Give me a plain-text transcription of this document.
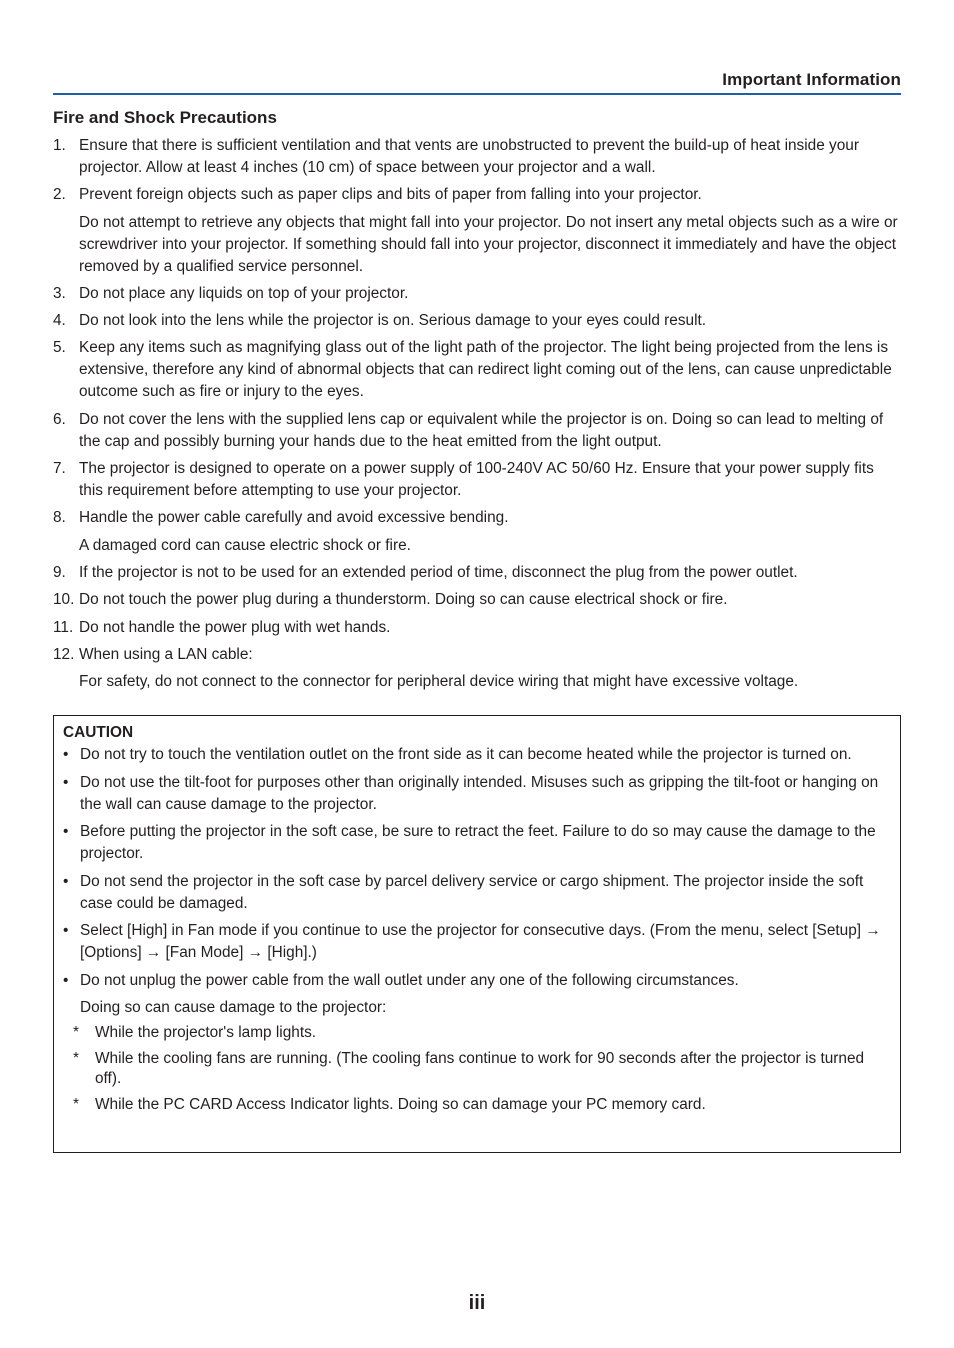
Important Information
Fire and Shock Precautions
1. Ensure that there is sufficient ventilation and that vents are unobstructed to prevent the build-up of heat inside your projector. Allow at least 4 inches (10 cm) of space between your projector and a wall.
2. Prevent foreign objects such as paper clips and bits of paper from falling into your projector.
Do not attempt to retrieve any objects that might fall into your projector. Do not insert any metal objects such as a wire or screwdriver into your projector. If something should fall into your projector, disconnect it immediately and have the object removed by a qualified service personnel.
3. Do not place any liquids on top of your projector.
4. Do not look into the lens while the projector is on. Serious damage to your eyes could result.
5. Keep any items such as magnifying glass out of the light path of the projector. The light being projected from the lens is extensive, therefore any kind of abnormal objects that can redirect light coming out of the lens, can cause unpredictable outcome such as fire or injury to the eyes.
6. Do not cover the lens with the supplied lens cap or equivalent while the projector is on. Doing so can lead to melting of the cap and possibly burning your hands due to the heat emitted from the light output.
7. The projector is designed to operate on a power supply of 100-240V AC 50/60 Hz. Ensure that your power supply fits this requirement before attempting to use your projector.
8. Handle the power cable carefully and avoid excessive bending.
A damaged cord can cause electric shock or fire.
9. If the projector is not to be used for an extended period of time, disconnect the plug from the power outlet.
10. Do not touch the power plug during a thunderstorm. Doing so can cause electrical shock or fire.
11. Do not handle the power plug with wet hands.
12. When using a LAN cable:
For safety, do not connect to the connector for peripheral device wiring that might have excessive voltage.
CAUTION
• Do not try to touch the ventilation outlet on the front side as it can become heated while the projector is turned on.
• Do not use the tilt-foot for purposes other than originally intended. Misuses such as gripping the tilt-foot or hanging on the wall can cause damage to the projector.
• Before putting the projector in the soft case, be sure to retract the feet. Failure to do so may cause the damage to the projector.
• Do not send the projector in the soft case by parcel delivery service or cargo shipment. The projector inside the soft case could be damaged.
• Select [High] in Fan mode if you continue to use the projector for consecutive days. (From the menu, select [Setup] → [Options] → [Fan Mode] → [High].)
• Do not unplug the power cable from the wall outlet under any one of the following circumstances.
Doing so can cause damage to the projector:
* While the projector's lamp lights.
* While the cooling fans are running. (The cooling fans continue to work for 90 seconds after the projector is turned off).
* While the PC CARD Access Indicator lights. Doing so can damage your PC memory card.
iii
